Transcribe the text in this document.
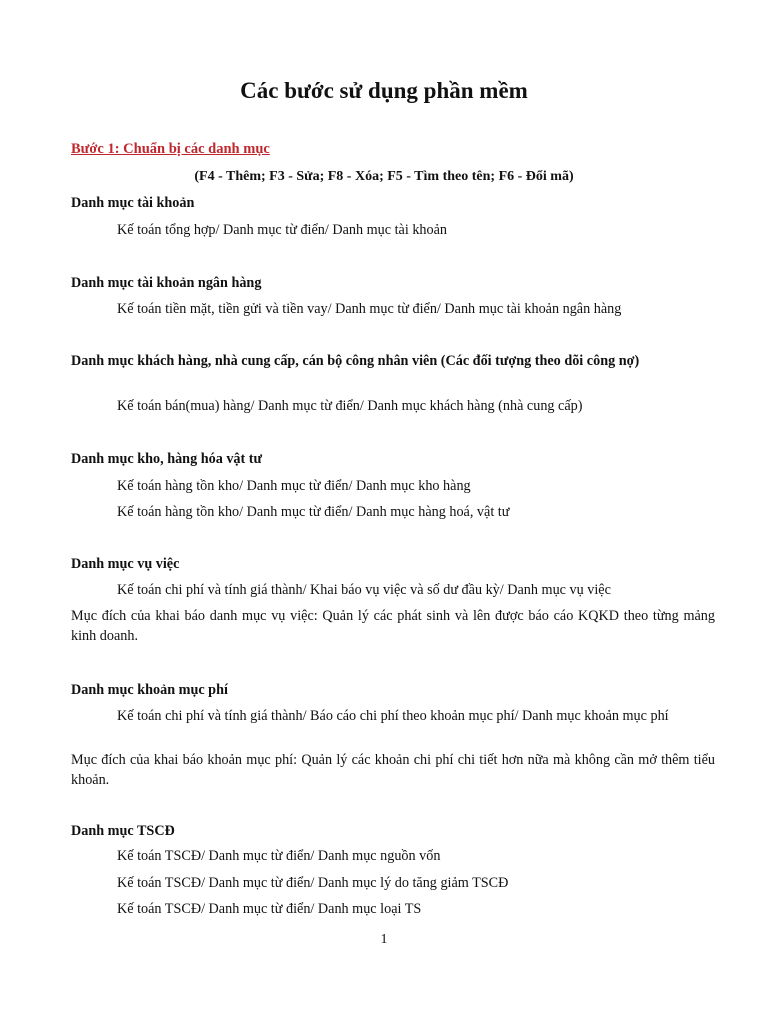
Các bước sử dụng phần mềm
Bước 1: Chuẩn bị các danh mục
(F4 - Thêm; F3 - Sửa; F8 - Xóa; F5 - Tìm theo tên; F6 - Đổi mã)
Danh mục tài khoản
Kế toán tổng hợp/ Danh mục từ điển/ Danh mục tài khoản
Danh mục tài khoản ngân hàng
Kế toán tiền mặt, tiền gửi và tiền vay/ Danh mục từ điển/ Danh mục tài khoản ngân hàng
Danh mục khách hàng, nhà cung cấp, cán bộ công nhân viên (Các đối tượng theo dõi công nợ)
Kế toán bán(mua) hàng/ Danh mục từ điển/ Danh mục khách hàng (nhà cung cấp)
Danh mục kho, hàng hóa vật tư
Kế toán hàng tồn kho/ Danh mục từ điển/ Danh mục kho hàng
Kế toán hàng tồn kho/ Danh mục từ điển/ Danh mục hàng hoá, vật tư
Danh mục vụ việc
Kế toán chi phí và tính giá thành/ Khai báo vụ việc và số dư đầu kỳ/ Danh mục vụ việc
Mục đích của khai báo danh mục vụ việc: Quản lý các phát sinh và lên được báo cáo KQKD theo từng mảng kinh doanh.
Danh mục khoản mục phí
Kế toán chi phí và tính giá thành/ Báo cáo chi phí theo khoản mục phí/ Danh mục khoản mục phí
Mục đích của khai báo khoản mục phí: Quản lý các khoản chi phí chi tiết hơn nữa mà không cần mở thêm tiểu khoản.
Danh mục TSCĐ
Kế toán TSCĐ/ Danh mục từ điển/ Danh mục nguồn vốn
Kế toán TSCĐ/ Danh mục từ điển/ Danh mục lý do tăng giảm TSCĐ
Kế toán TSCĐ/ Danh mục từ điển/ Danh mục loại TS
1
